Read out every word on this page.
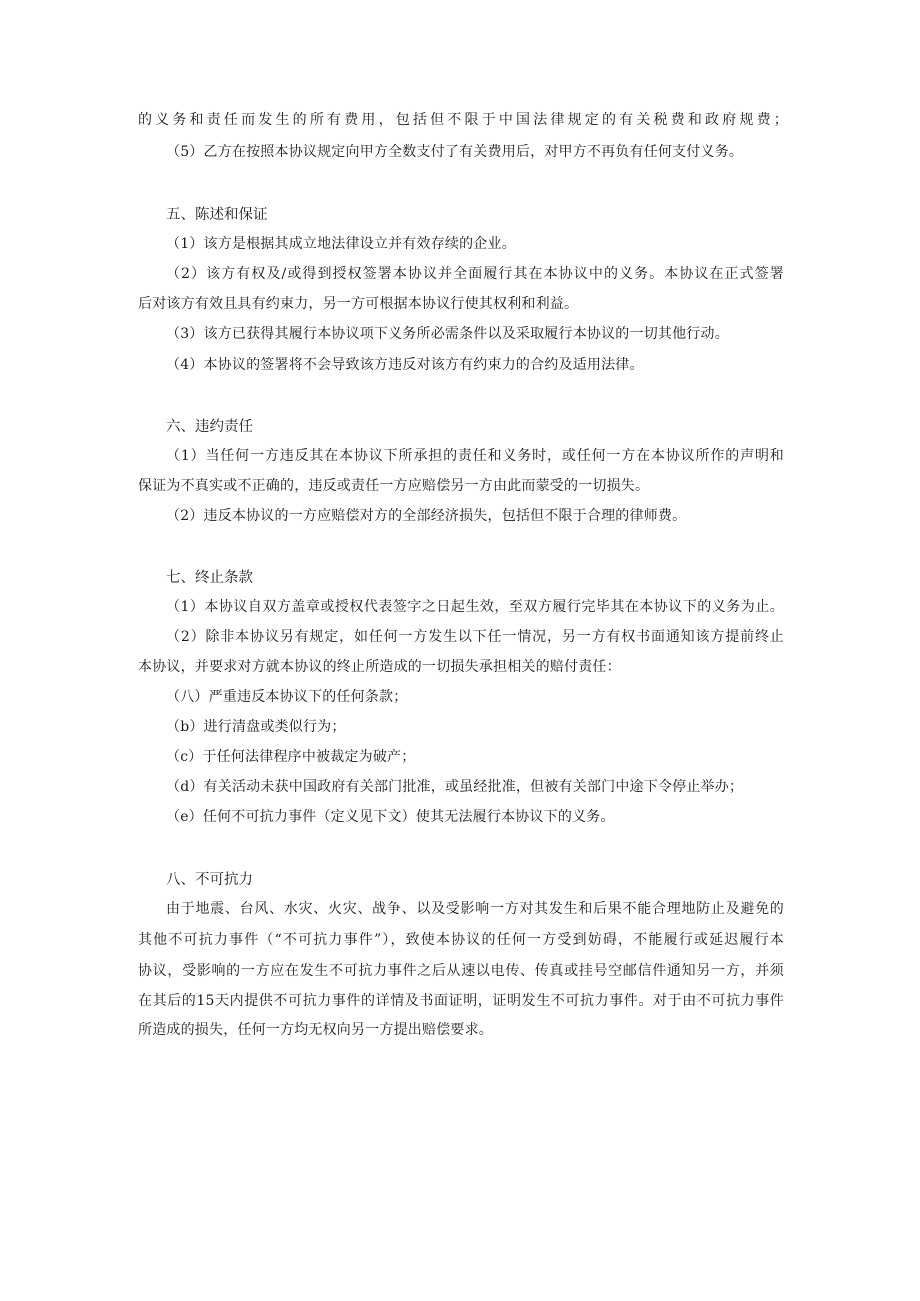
的义务和责任而发生的所有费用，包括但不限于中国法律规定的有关税费和政府规费；
（5）乙方在按照本协议规定向甲方全数支付了有关费用后，对甲方不再负有任何支付义务。
五、陈述和保证
（1）该方是根据其成立地法律设立并有效存续的企业。
（2）该方有权及/或得到授权签署本协议并全面履行其在本协议中的义务。本协议在正式签署
后对该方有效且具有约束力，另一方可根据本协议行使其权利和利益。
（3）该方已获得其履行本协议项下义务所必需条件以及采取履行本协议的一切其他行动。
（4）本协议的签署将不会导致该方违反对该方有约束力的合约及适用法律。
六、违约责任
（1）当任何一方违反其在本协议下所承担的责任和义务时，或任何一方在本协议所作的声明和
保证为不真实或不正确的，违反或责任一方应赔偿另一方由此而蒙受的一切损失。
（2）违反本协议的一方应赔偿对方的全部经济损失，包括但不限于合理的律师费。
七、终止条款
（1）本协议自双方盖章或授权代表签字之日起生效，至双方履行完毕其在本协议下的义务为止。
（2）除非本协议另有规定，如任何一方发生以下任一情况，另一方有权书面通知该方提前终止
本协议，并要求对方就本协议的终止所造成的一切损失承担相关的赔付责任：
（八）严重违反本协议下的任何条款；
（b）进行清盘或类似行为；
（c）于任何法律程序中被裁定为破产；
（d）有关活动未获中国政府有关部门批准，或虽经批准，但被有关部门中途下令停止举办；
（e）任何不可抗力事件（定义见下文）使其无法履行本协议下的义务。
八、不可抗力
由于地震、台风、水灾、火灾、战争、以及受影响一方对其发生和后果不能合理地防止及避免的
其他不可抗力事件（“不可抗力事件”），致使本协议的任何一方受到妨碍，不能履行或延迟履行本
协议，受影响的一方应在发生不可抗力事件之后从速以电传、传真或挂号空邮信件通知另一方，并须
在其后的15天内提供不可抗力事件的详情及书面证明，证明发生不可抗力事件。对于由不可抗力事件
所造成的损失，任何一方均无权向另一方提出赔偿要求。
